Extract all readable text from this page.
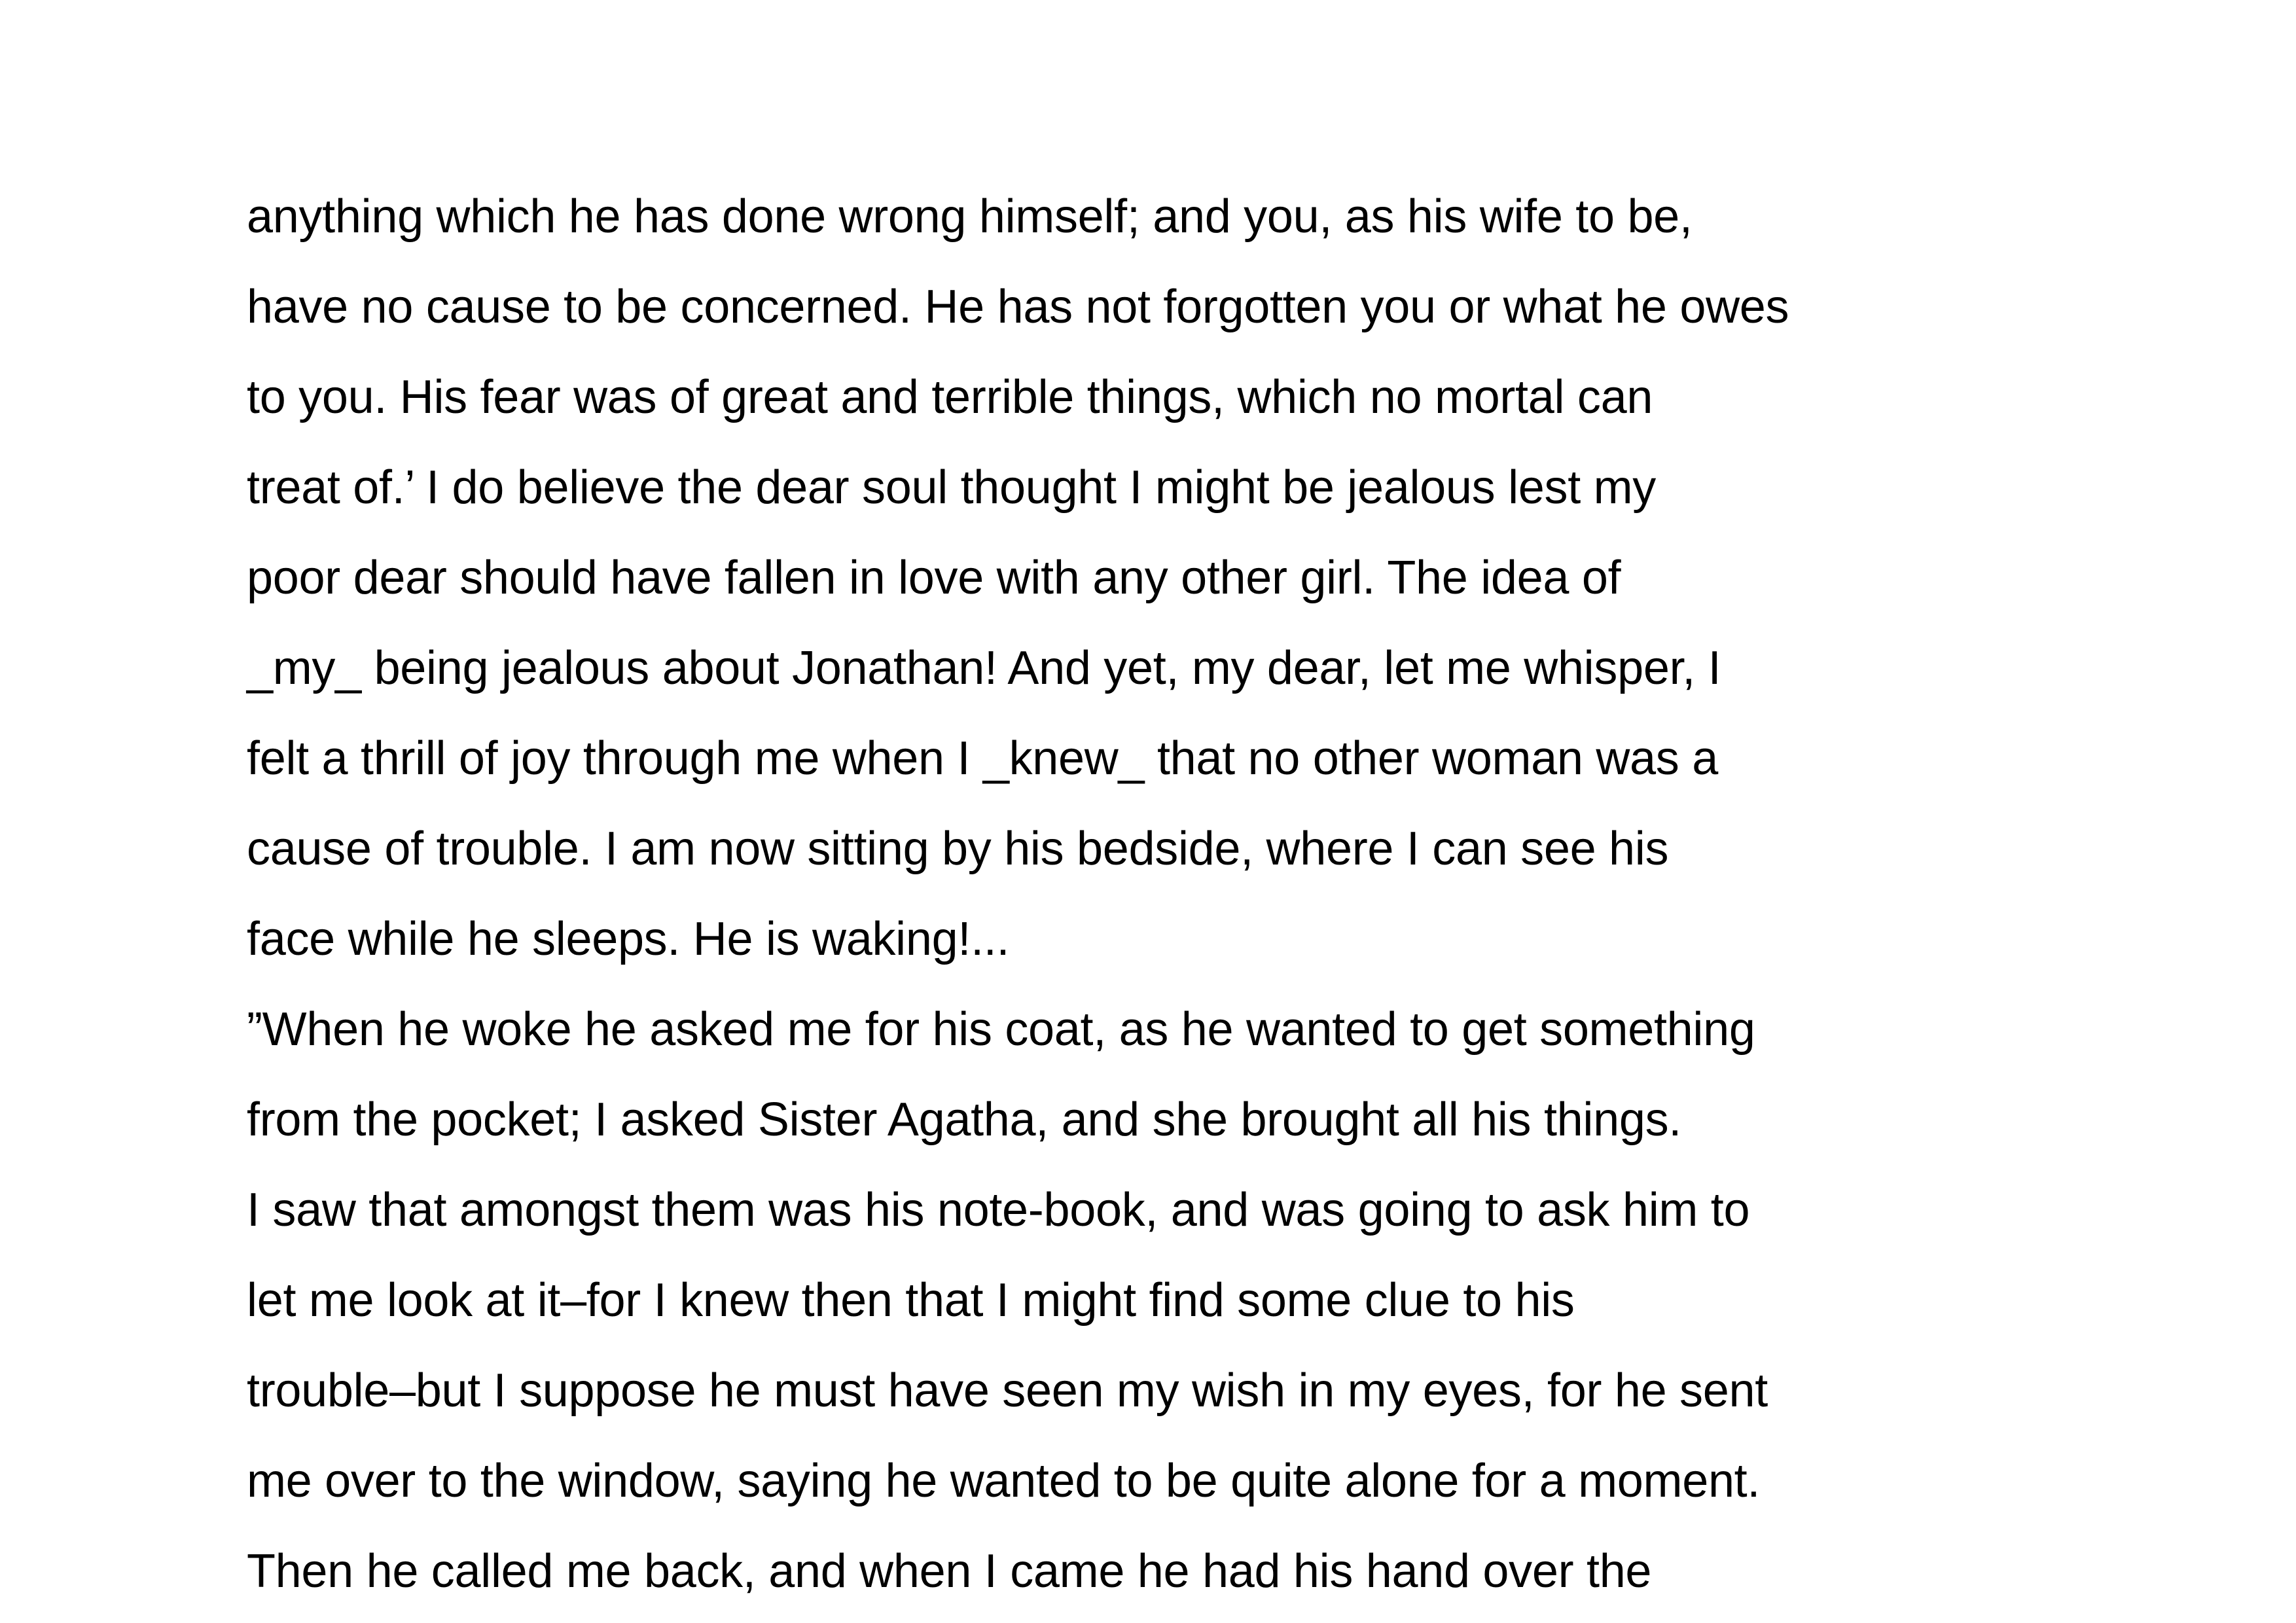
anything which he has done wrong himself; and you, as his wife to be,
have no cause to be concerned. He has not forgotten you or what he owes
to you. His fear was of great and terrible things, which no mortal can
treat of.’ I do believe the dear soul thought I might be jealous lest my
poor dear should have fallen in love with any other girl. The idea of
_my_ being jealous about Jonathan! And yet, my dear, let me whisper, I
felt a thrill of joy through me when I _knew_ that no other woman was a
cause of trouble. I am now sitting by his bedside, where I can see his
face while he sleeps. He is waking!...
”When he woke he asked me for his coat, as he wanted to get something
from the pocket; I asked Sister Agatha, and she brought all his things.
I saw that amongst them was his note-book, and was going to ask him to
let me look at it–for I knew then that I might find some clue to his
trouble–but I suppose he must have seen my wish in my eyes, for he sent
me over to the window, saying he wanted to be quite alone for a moment.
Then he called me back, and when I came he had his hand over the
